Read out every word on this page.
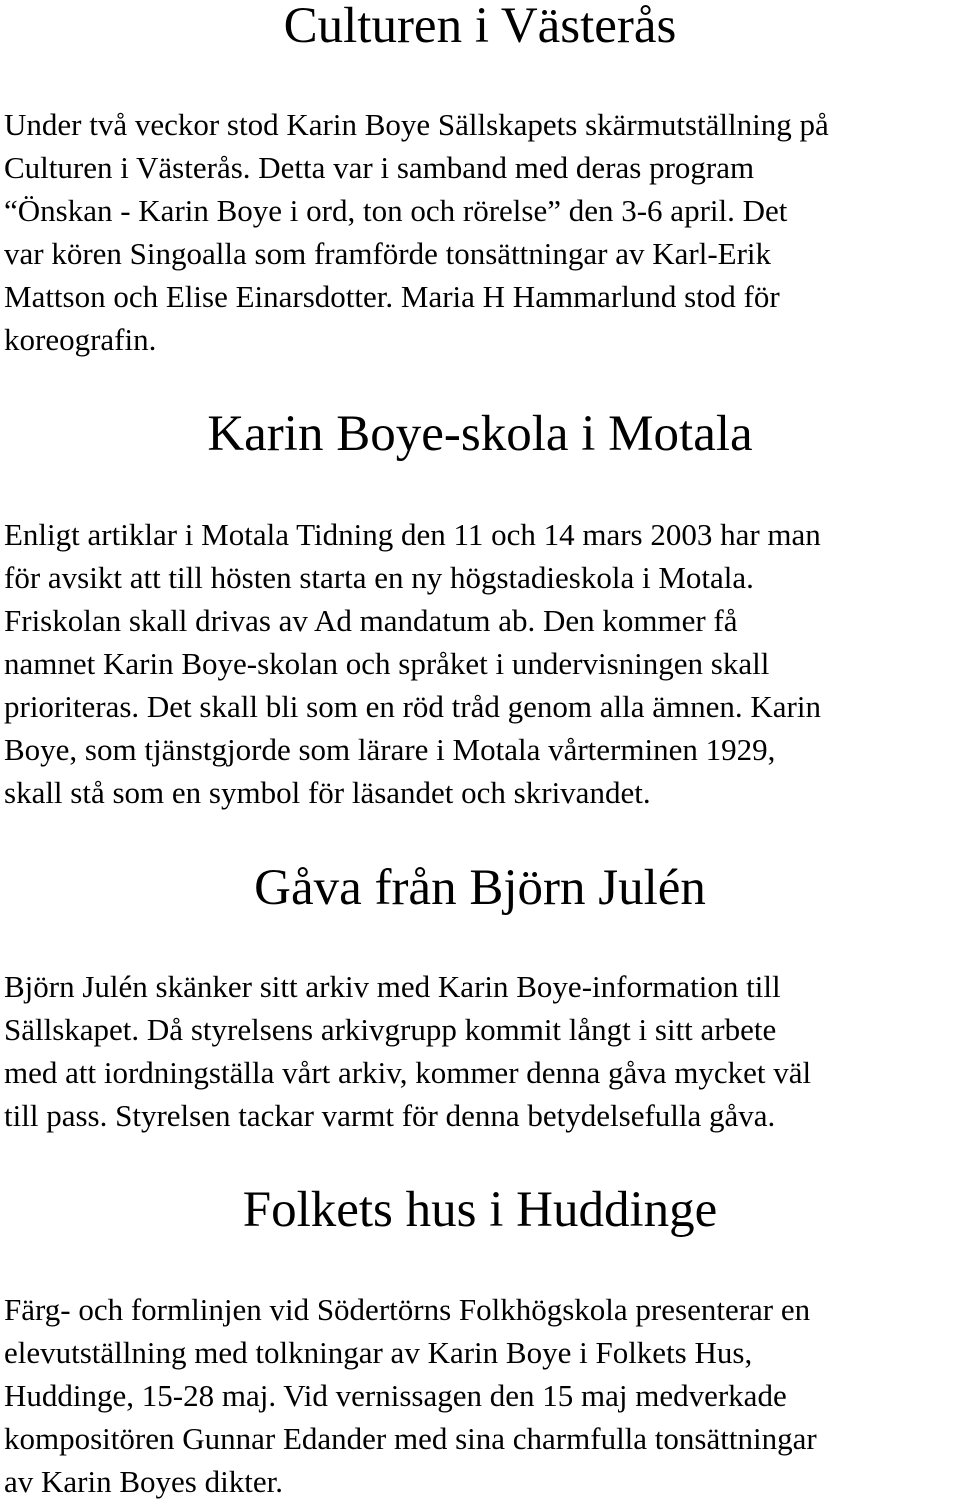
Culturen i Västerås

Under två veckor stod Karin Boye Sällskapets skärmutställning på
Culturen i Västerås. Detta var i samband med deras program
“Önskan - Karin Boye i ord, ton och rörelse” den 3-6 april. Det
var kören Singoalla som framförde tonsättningar av Karl-Erik
Mattson och Elise Einarsdotter. Maria H Hammarlund stod för
koreografin.

Karin Boye-skola i Motala

Enligt artiklar i Motala Tidning den 11 och 14 mars 2003 har man
för avsikt att till hösten starta en ny högstadieskola i Motala.
Friskolan skall drivas av Ad mandatum ab. Den kommer få
namnet Karin Boye-skolan och språket i undervisningen skall
prioriteras. Det skall bli som en röd tråd genom alla ämnen. Karin
Boye, som tjänstgjorde som lärare i Motala vårterminen 1929,
skall stå som en symbol för läsandet och skrivandet.

Gåva från Björn Julén

Björn Julén skänker sitt arkiv med Karin Boye-information till
Sällskapet. Då styrelsens arkivgrupp kommit långt i sitt arbete
med att iordningställa vårt arkiv, kommer denna gåva mycket väl
till pass. Styrelsen tackar varmt för denna betydelsefulla gåva.

Folkets hus i Huddinge

Färg- och formlinjen vid Södertörns Folkhögskola presenterar en
elevutställning med tolkningar av Karin Boye i Folkets Hus,
Huddinge, 15-28 maj. Vid vernissagen den 15 maj medverkade
kompositören Gunnar Edander med sina charmfulla tonsättningar
av Karin Boyes dikter.
